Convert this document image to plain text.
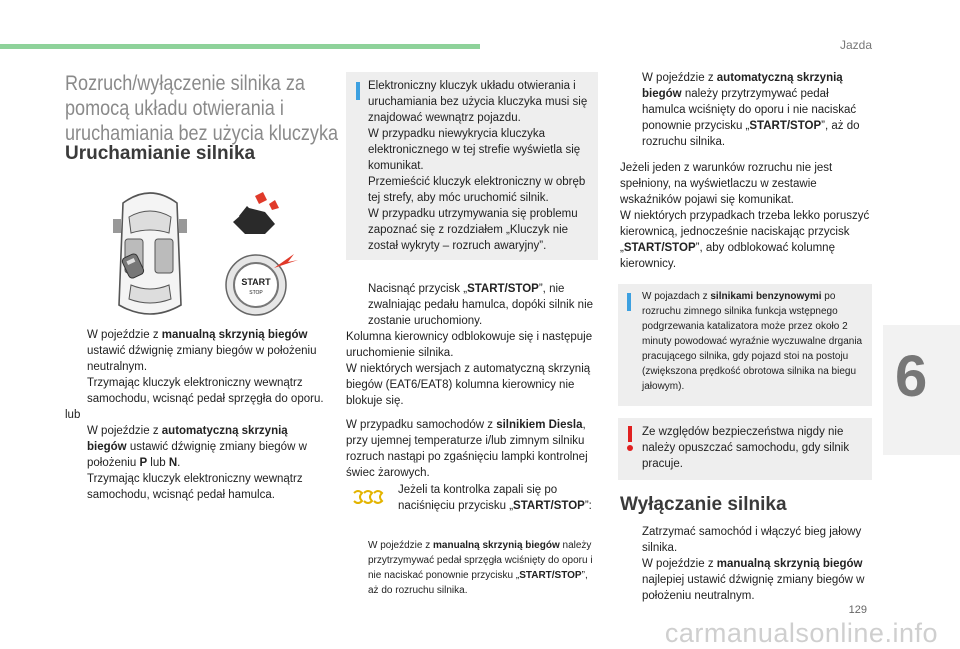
Jazda
6
129
carmanualsonline.info
Rozruch/wyłączenie silnika za
pomocą układu otwierania i
uruchamiania bez użycia kluczyka
Uruchamianie silnika
START
STOP
W pojeździe z manualną skrzynią biegów ustawić dźwignię zmiany biegów w położeniu neutralnym.
Trzymając kluczyk elektroniczny wewnątrz samochodu, wcisnąć pedał sprzęgła do oporu.
lub
W pojeździe z automatyczną skrzynią biegów ustawić dźwignię zmiany biegów w położeniu P lub N.
Trzymając kluczyk elektroniczny wewnątrz samochodu, wcisnąć pedał hamulca.

Elektroniczny kluczyk układu otwierania i uruchamiania bez użycia kluczyka musi się znajdować wewnątrz pojazdu.

W przypadku niewykrycia kluczyka elektronicznego w tej strefie wyświetla się komunikat.

Przemieścić kluczyk elektroniczny w obręb tej strefy, aby móc uruchomić silnik.

W przypadku utrzymywania się problemu zapoznać się z rozdziałem „Kluczyk nie został wykryty – rozruch awaryjny”.

Nacisnąć przycisk „START/STOP”, nie zwalniając pedału hamulca, dopóki silnik nie zostanie uruchomiony.
Kolumna kierownicy odblokowuje się i następuje uruchomienie silnika.
W niektórych wersjach z automatyczną skrzynią biegów (EAT6/EAT8) kolumna kierownicy nie blokuje się.
W przypadku samochodów z silnikiem Diesla, przy ujemnej temperaturze i/lub zimnym silniku rozruch nastąpi po zgaśnięciu lampki kontrolnej świec żarowych.
Jeżeli ta kontrolka zapali się po naciśnięciu przycisku „START/STOP”:
W pojeździe z manualną skrzynią biegów należy przytrzymywać pedał sprzęgła wciśnięty do oporu i nie naciskać ponownie przycisku „START/STOP”, aż do rozruchu silnika.
W pojeździe z automatyczną skrzynią biegów należy przytrzymywać pedał hamulca wciśnięty do oporu i nie naciskać ponownie przycisku „START/STOP”, aż do rozruchu silnika.
Jeżeli jeden z warunków rozruchu nie jest spełniony, na wyświetlaczu w zestawie wskaźników pojawi się komunikat.
W niektórych przypadkach trzeba lekko poruszyć kierownicą, jednocześnie naciskając przycisk „START/STOP”, aby odblokować kolumnę kierownicy.
W pojazdach z silnikami benzynowymi po rozruchu zimnego silnika funkcja wstępnego podgrzewania katalizatora może przez około 2 minuty powodować wyraźnie wyczuwalne drgania pracującego silnika, gdy pojazd stoi na postoju (zwiększona prędkość obrotowa silnika na biegu jałowym).
Ze względów bezpieczeństwa nigdy nie należy opuszczać samochodu, gdy silnik pracuje.
Wyłączanie silnika
Zatrzymać samochód i włączyć bieg jałowy silnika.
W pojeździe z manualną skrzynią biegów najlepiej ustawić dźwignię zmiany biegów w położeniu neutralnym.
